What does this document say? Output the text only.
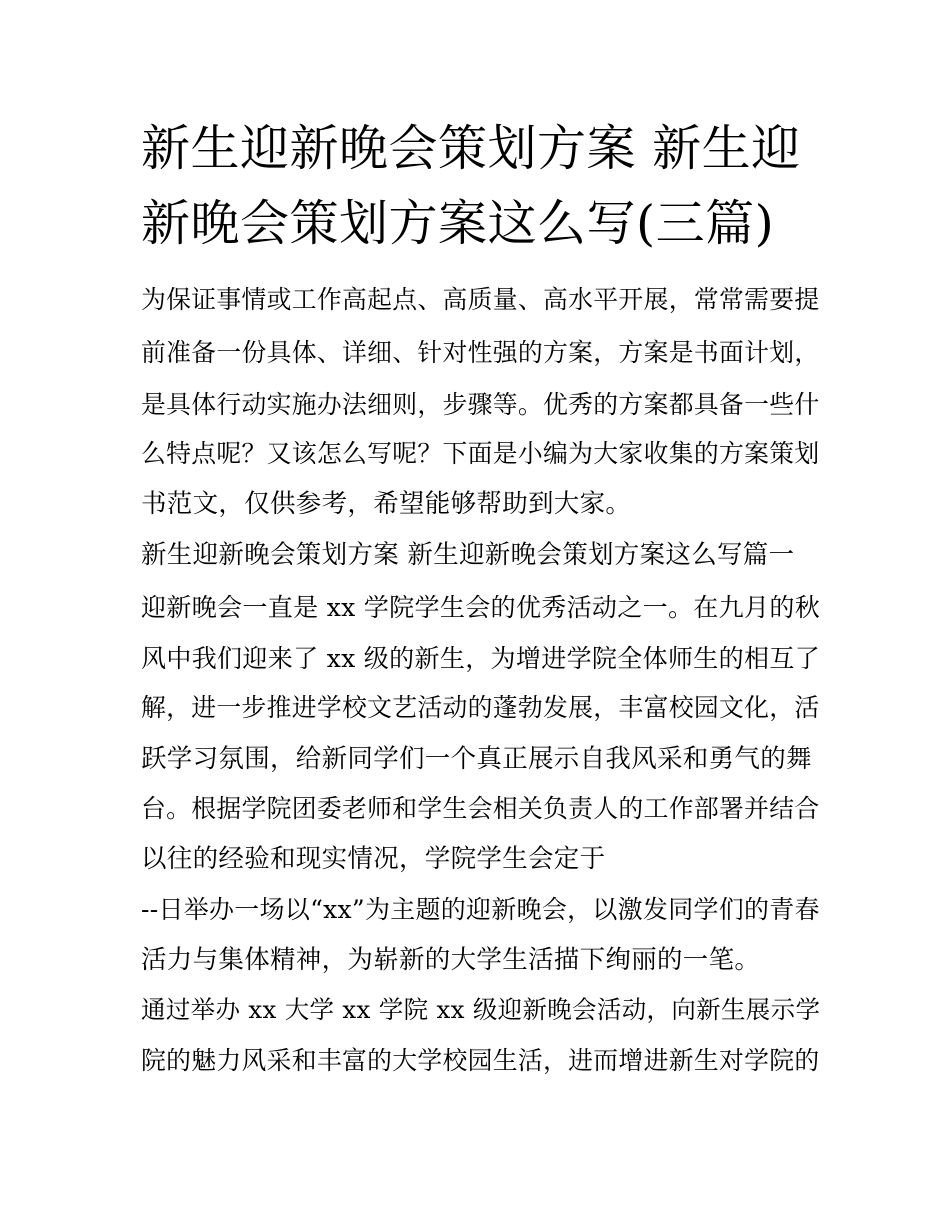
新生迎新晚会策划方案 新生迎
新晚会策划方案这么写(三篇)
为保证事情或工作高起点、高质量、高水平开展，常常需要提
前准备一份具体、详细、针对性强的方案，方案是书面计划，
是具体行动实施办法细则，步骤等。优秀的方案都具备一些什
么特点呢？又该怎么写呢？下面是小编为大家收集的方案策划
书范文，仅供参考，希望能够帮助到大家。
新生迎新晚会策划方案 新生迎新晚会策划方案这么写篇一
迎新晚会一直是 xx 学院学生会的优秀活动之一。在九月的秋
风中我们迎来了 xx 级的新生，为增进学院全体师生的相互了
解，进一步推进学校文艺活动的蓬勃发展，丰富校园文化，活
跃学习氛围，给新同学们一个真正展示自我风采和勇气的舞
台。根据学院团委老师和学生会相关负责人的工作部署并结合
以往的经验和现实情况，学院学生会定于
--日举办一场以“xx”为主题的迎新晚会，以激发同学们的青春
活力与集体精神，为崭新的大学生活描下绚丽的一笔。
通过举办 xx 大学 xx 学院 xx 级迎新晚会活动，向新生展示学
院的魅力风采和丰富的大学校园生活，进而增进新生对学院的
